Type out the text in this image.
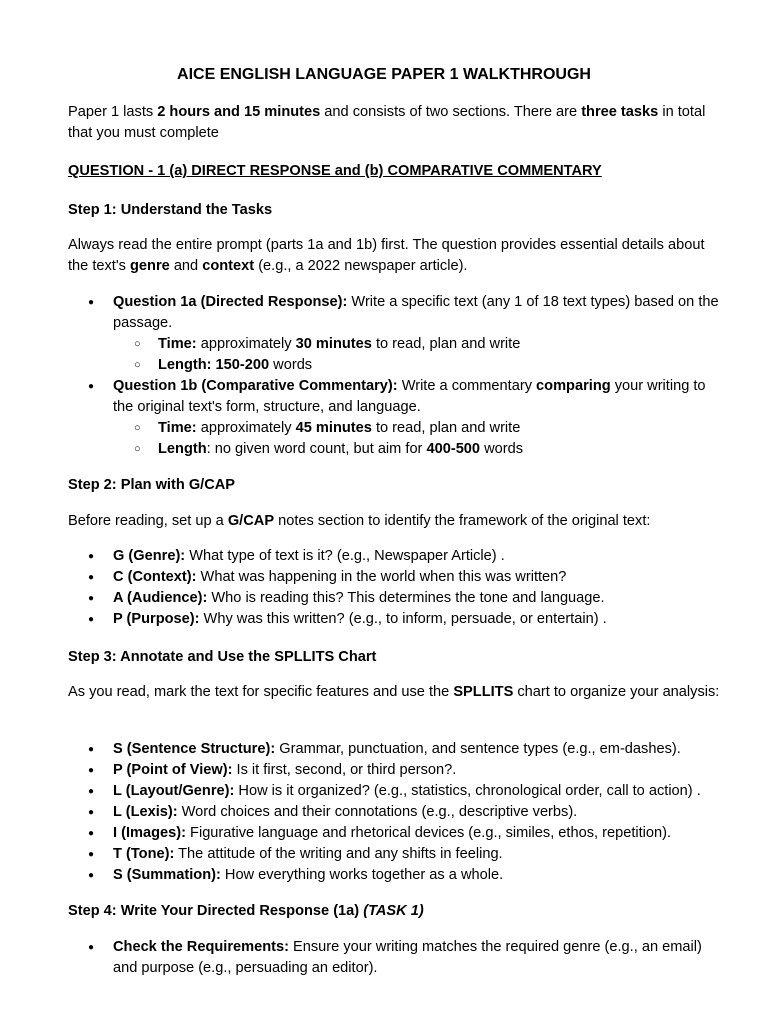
AICE ENGLISH LANGUAGE PAPER 1 WALKTHROUGH

Paper 1 lasts 2 hours and 15 minutes and consists of two sections. There are three tasks in total that you must complete

QUESTION - 1 (a) DIRECT RESPONSE and (b) COMPARATIVE COMMENTARY

Step 1: Understand the Tasks

Always read the entire prompt (parts 1a and 1b) first. The question provides essential details about the text's genre and context (e.g., a 2022 newspaper article).

● Question 1a (Directed Response): Write a specific text (any 1 of 18 text types) based on the passage.
○ Time: approximately 30 minutes to read, plan and write
○ Length: 150-200 words
● Question 1b (Comparative Commentary): Write a commentary comparing your writing to the original text's form, structure, and language.
○ Time: approximately 45 minutes to read, plan and write
○ Length: no given word count, but aim for 400-500 words

Step 2: Plan with G/CAP

Before reading, set up a G/CAP notes section to identify the framework of the original text:

● G (Genre): What type of text is it? (e.g., Newspaper Article) .
● C (Context): What was happening in the world when this was written?
● A (Audience): Who is reading this? This determines the tone and language.
● P (Purpose): Why was this written? (e.g., to inform, persuade, or entertain) .

Step 3: Annotate and Use the SPLLITS Chart

As you read, mark the text for specific features and use the SPLLITS chart to organize your analysis:

● S (Sentence Structure): Grammar, punctuation, and sentence types (e.g., em-dashes).
● P (Point of View): Is it first, second, or third person?.
● L (Layout/Genre): How is it organized? (e.g., statistics, chronological order, call to action) .
● L (Lexis): Word choices and their connotations (e.g., descriptive verbs).
● I (Images): Figurative language and rhetorical devices (e.g., similes, ethos, repetition).
● T (Tone): The attitude of the writing and any shifts in feeling.
● S (Summation): How everything works together as a whole.

Step 4: Write Your Directed Response (1a) (TASK 1)

● Check the Requirements: Ensure your writing matches the required genre (e.g., an email) and purpose (e.g., persuading an editor).
